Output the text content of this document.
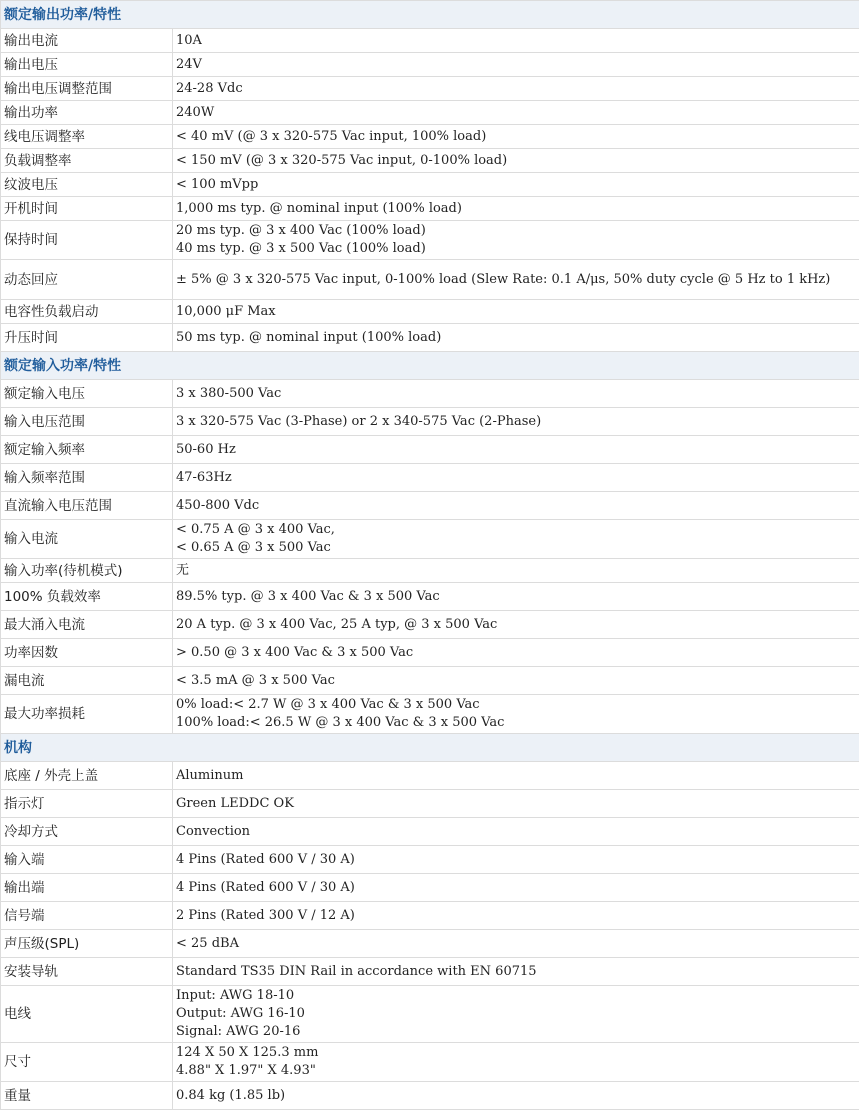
额定输出功率/特性	
输出电流	10A
输出电压	24V
输出电压调整范围	24-28 Vdc
输出功率	240W
线电压调整率	< 40 mV (@ 3 x 320-575 Vac input, 100% load)
负载调整率	< 150 mV (@ 3 x 320-575 Vac input, 0-100% load)
纹波电压	< 100 mVpp
开机时间	1,000 ms typ. @ nominal input (100% load)
保持时间	20 ms typ. @ 3 x 400 Vac (100% load)
40 ms typ. @ 3 x 500 Vac (100% load)
动态回应	± 5% @ 3 x 320-575 Vac input, 0-100% load (Slew Rate: 0.1 A/μs, 50% duty cycle @ 5 Hz to 1 kHz)
电容性负载启动	10,000 μF Max
升压时间	50 ms typ. @ nominal input (100% load)
额定输入功率/特性	
额定输入电压	3 x 380-500 Vac
输入电压范围	3 x 320-575 Vac (3-Phase) or 2 x 340-575 Vac (2-Phase)
额定输入频率	50-60 Hz
输入频率范围	47-63Hz
直流输入电压范围	450-800 Vdc
输入电流	< 0.75 A @ 3 x 400 Vac,
< 0.65 A @ 3 x 500 Vac
输入功率(待机模式)	无
100% 负载效率	89.5% typ. @ 3 x 400 Vac & 3 x 500 Vac
最大涌入电流	20 A typ. @ 3 x 400 Vac, 25 A typ, @ 3 x 500 Vac
功率因数	> 0.50 @ 3 x 400 Vac & 3 x 500 Vac
漏电流	< 3.5 mA @ 3 x 500 Vac
最大功率损耗	0% load:< 2.7 W @ 3 x 400 Vac & 3 x 500 Vac
100% load:< 26.5 W @ 3 x 400 Vac & 3 x 500 Vac
机构	
底座 / 外壳上盖	Aluminum
指示灯	Green LEDDC OK
冷却方式	Convection
输入端	4 Pins (Rated 600 V / 30 A)
输出端	4 Pins (Rated 600 V / 30 A)
信号端	2 Pins (Rated 300 V / 12 A)
声压级(SPL)	< 25 dBA
安装导轨	Standard TS35 DIN Rail in accordance with EN 60715
电线	Input: AWG 18-10
Output: AWG 16-10
Signal: AWG 20-16
尺寸	124 X 50 X 125.3 mm
4.88" X 1.97" X 4.93"
重量	0.84 kg (1.85 lb)
